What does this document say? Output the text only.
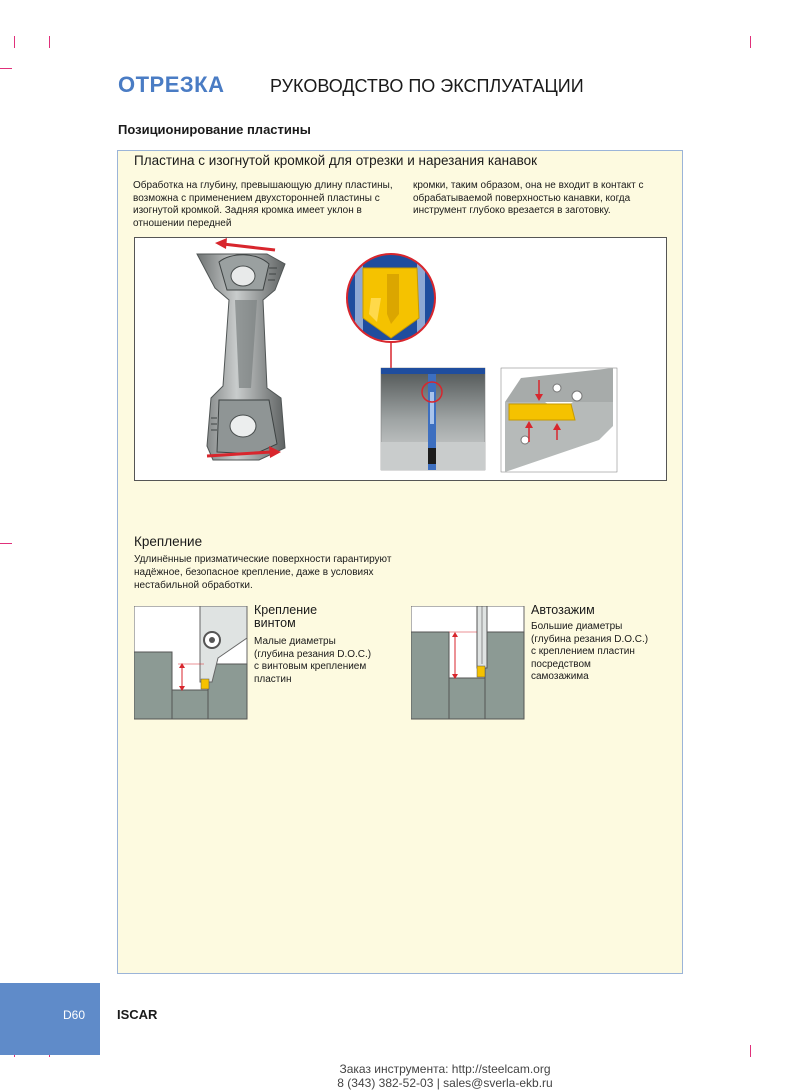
ОТРЕЗКА	РУКОВОДСТВО ПО ЭКСПЛУАТАЦИИ
Позиционирование пластины
Пластина с изогнутой кромкой для отрезки и нарезания канавок
Обработка на глубину, превышающую длину пластины, возможна с применением двухсторонней пластины с изогнутой кромкой. Задняя кромка имеет уклон в отношении передней
кромки, таким образом, она не входит в контакт с обрабатываемой поверхностью канавки, когда инструмент глубоко врезается в заготовку.
Крепление
Удлинённые призматические поверхности гарантируют надёжное, безопасное крепление, даже в условиях нестабильной обработки.
Крепление винтом
Малые диаметры (глубина резания D.O.C.) с винтовым креплением пластин
Автозажим
Большие диаметры (глубина резания D.O.C.) с креплением пластин посредством самозажима
D60 ISCAR
Заказ инструмента: http://steelcam.org
8 (343) 382-52-03 | sales@sverla-ekb.ru
